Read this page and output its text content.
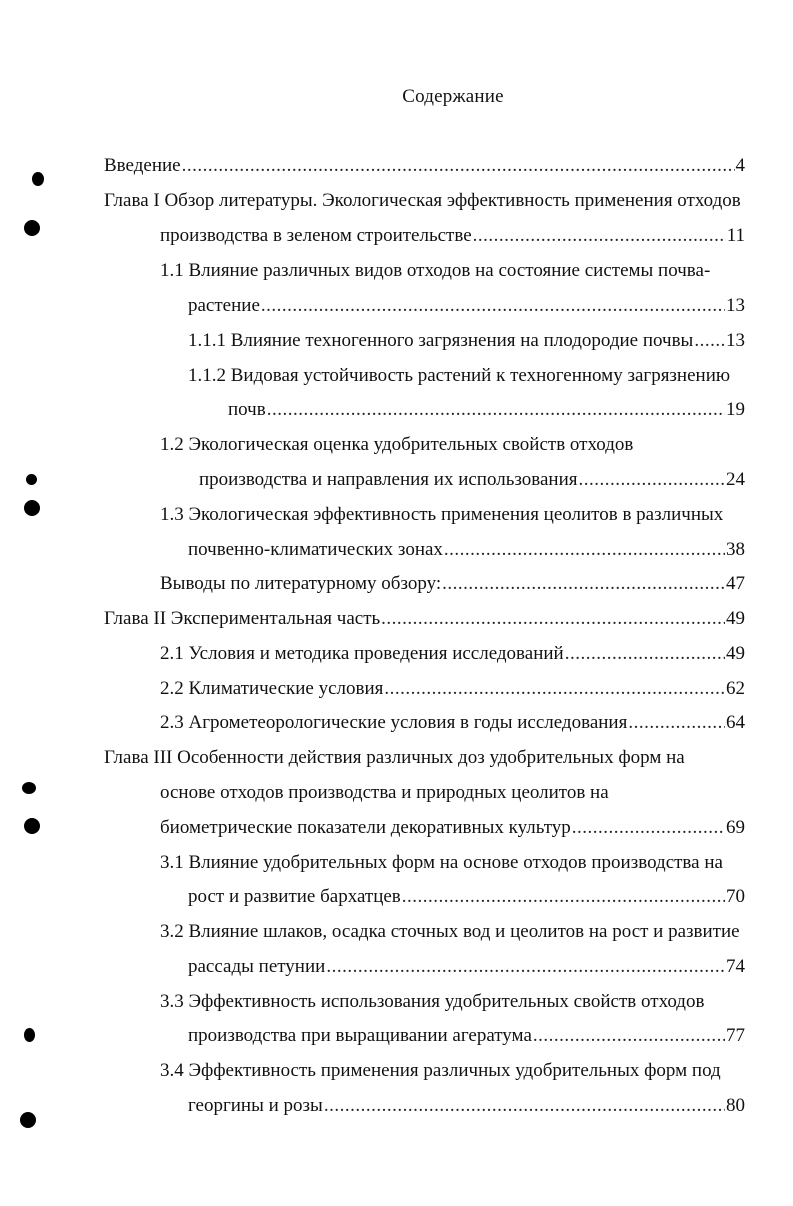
Содержание
Введение .....	4
Глава I Обзор литературы. Экологическая эффективность применения отходов
производства в зеленом строительстве .....	11
1.1 Влияние различных видов отходов на состояние системы почва-
растение .....	13
1.1.1 Влияние техногенного загрязнения на плодородие почвы ..... 13
1.1.2 Видовая устойчивость растений к техногенному загрязнению
почв .....	19
1.2 Экологическая оценка удобрительных свойств отходов
производства и направления их использования .....	24
1.3 Экологическая эффективность применения цеолитов в различных
почвенно-климатических зонах .....	38
Выводы по литературному обзору: .....	47
Глава II Экспериментальная часть .....	49
2.1 Условия и методика проведения исследований .....	49
2.2 Климатические условия .....	62
2.3 Агрометеорологические условия в годы исследования .....	64
Глава III Особенности действия различных доз удобрительных форм на
основе отходов производства и природных цеолитов на
биометрические показатели декоративных культур .....	69
3.1 Влияние удобрительных форм на основе отходов производства на
рост и развитие бархатцев .....	70
3.2 Влияние шлаков, осадка сточных вод и цеолитов на рост и развитие
рассады петунии .....	74
3.3 Эффективность использования удобрительных свойств отходов
производства при выращивании агератума .....	77
3.4 Эффективность применения различных удобрительных форм под
георгины и розы .....	80
